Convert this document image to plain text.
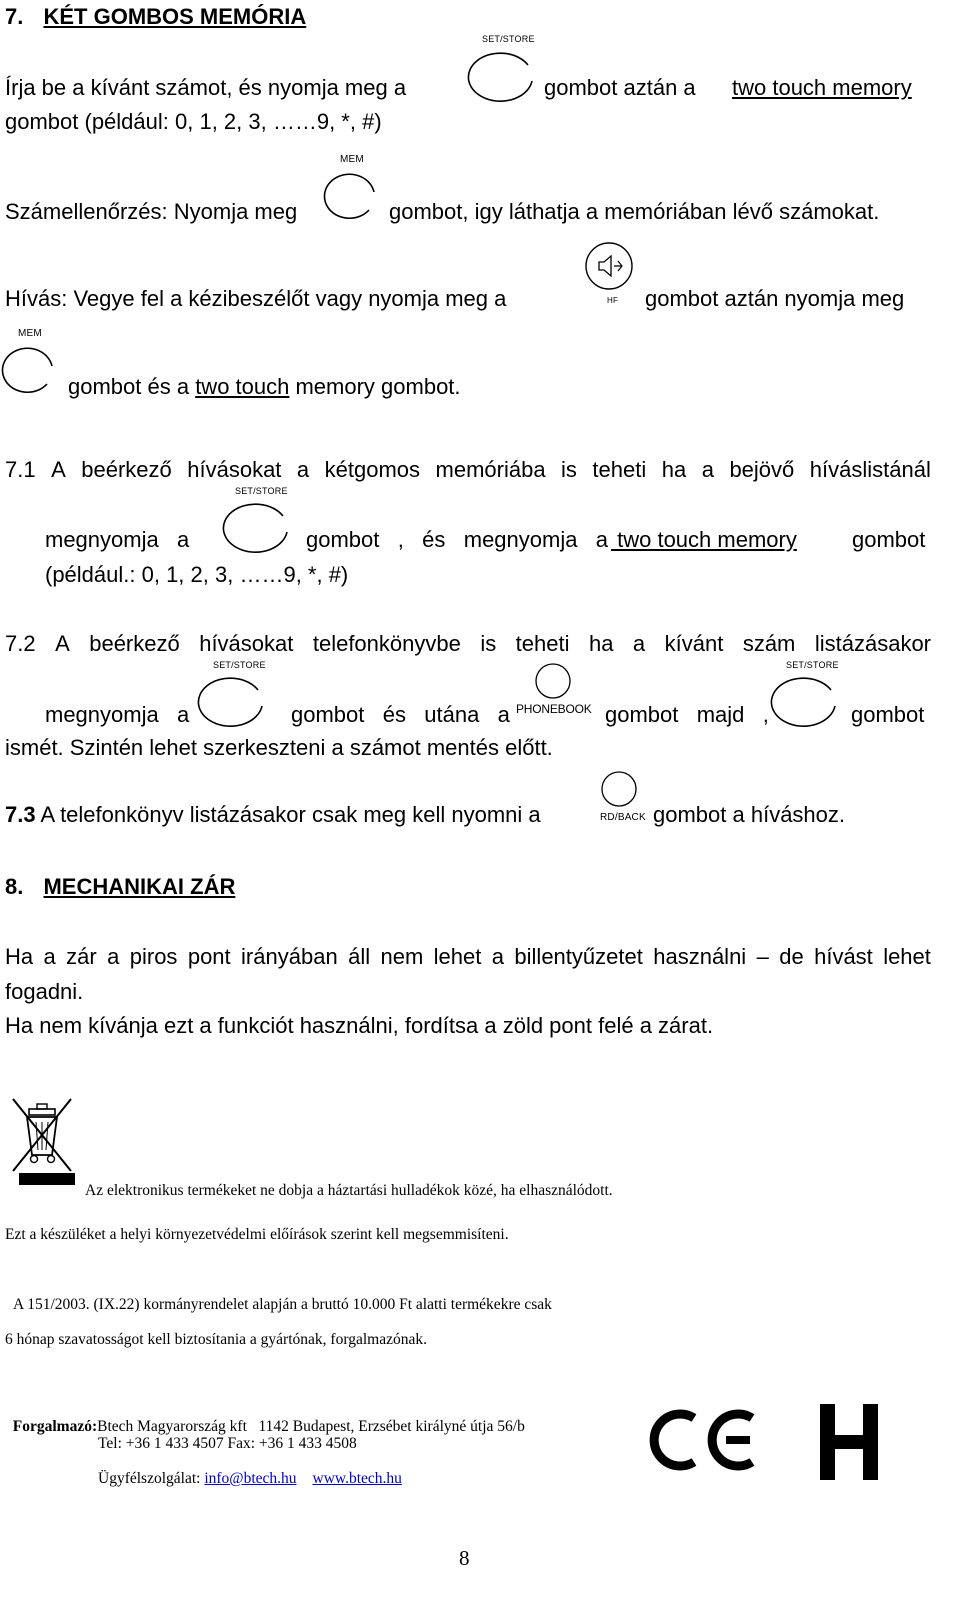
7. KÉT GOMBOS MEMÓRIA
Írja be a kívánt számot, és nyomja meg a
SET/STORE
gombot aztán a two touch memory
gombot (például: 0, 1, 2, 3, ……9, *, #)
MEM
Számellenőrzés: Nyomja meg	gombot, igy láthatja a memóriában lévő számokat.
Hívás: Vegye fel a kézibeszélőt vagy nyomja meg a	HF gombot aztán nyomja meg
MEM
gombot és a two touch memory gombot.
7.1 A beérkező hívásokat a kétgomos memóriába is teheti ha a bejövő híváslistánál
SET/STORE
megnyomja   a	gombot   ,   és   megnyomja   a two touch memory	gombot
(például.: 0, 1, 2, 3, ……9, *, #)
7.2 A beérkező hívásokat telefonkönyvbe is teheti ha a kívánt szám listázásakor
SET/STORE
PHONEBOOK
SET/STORE
megnyomja   a	gombot   és   utána   a	gombot   majd   ,	gombot
ismét. Szintén lehet szerkeszteni a számot mentés előtt.
7.3 A telefonkönyv listázásakor csak meg kell nyomni a	RD/BACK gombot a híváshoz.
8. MECHANIKAI ZÁR
Ha a zár a piros pont irányában áll nem lehet a billentyűzetet használni – de hívást lehet
fogadni.
Ha nem kívánja ezt a funkciót használni, fordítsa a zöld pont felé a zárat.
Az elektronikus termékeket ne dobja a háztartási hulladékok közé, ha elhasználódott.
Ezt a készüléket a helyi környezetvédelmi előírások szerint kell megsemmisíteni.
A 151/2003. (IX.22) kormányrendelet alapján a bruttó 10.000 Ft alatti termékekre csak
6 hónap szavatosságot kell biztosítania a gyártónak, forgalmazónak.

Forgalmazó:Btech Magyarország kft   1142 Budapest, Erzsébet királyné útja 56/b

Tel: +36 1 433 4507 Fax: +36 1 433 4508
Ügyfélszolgálat: info@btech.hu www.btech.hu
8
